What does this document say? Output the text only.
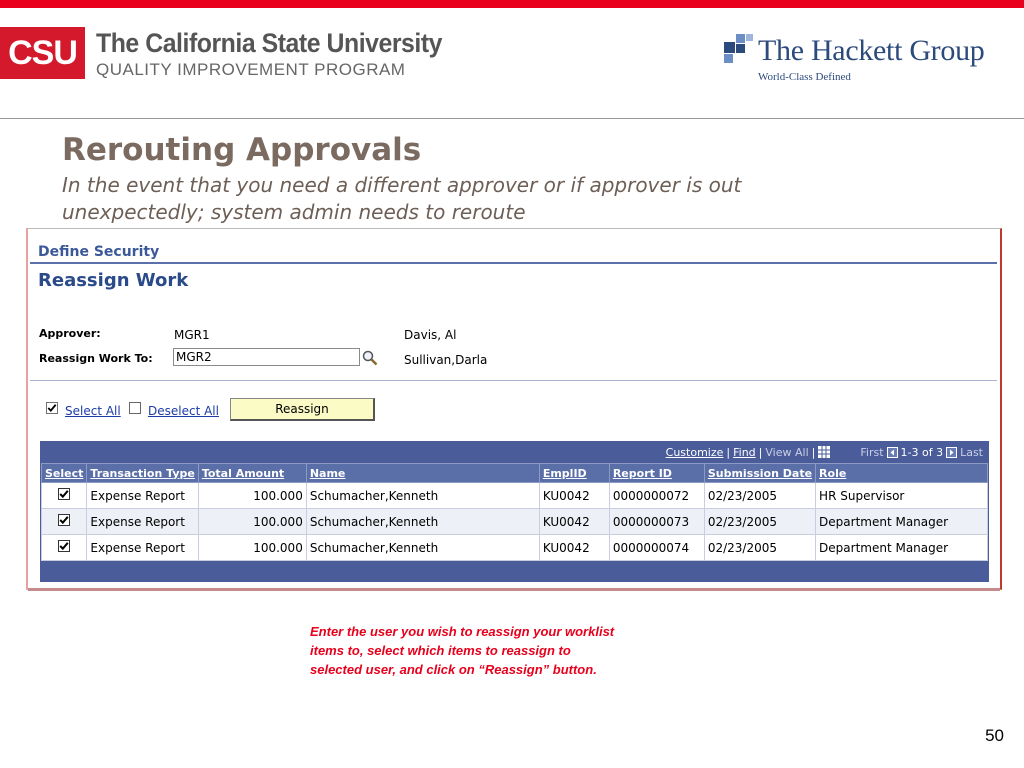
CSU The California State University
QUALITY IMPROVEMENT PROGRAM
The Hackett Group
World-Class Defined
Rerouting Approvals
In the event that you need a different approver or if approver is out unexpectedly; system admin needs to reroute
Define Security
Reassign Work
Approver:	MGR1	Davis, Al
Reassign Work To: MGR2	Sullivan,Darla
Select All Deselect All	Reassign
Customize | Find | View All |	First 1-3 of 3 Last
Select	Transaction Type	Total Amount	Name	EmplID	Report ID	Submission Date	Role
	Expense Report	100.000	Schumacher,Kenneth	KU0042	0000000072	02/23/2005	HR Supervisor
	Expense Report	100.000	Schumacher,Kenneth	KU0042	0000000073	02/23/2005	Department Manager
	Expense Report	100.000	Schumacher,Kenneth	KU0042	0000000074	02/23/2005	Department Manager
Enter the user you wish to reassign your worklist items to, select which items to reassign to selected user, and click on “Reassign” button.
50
